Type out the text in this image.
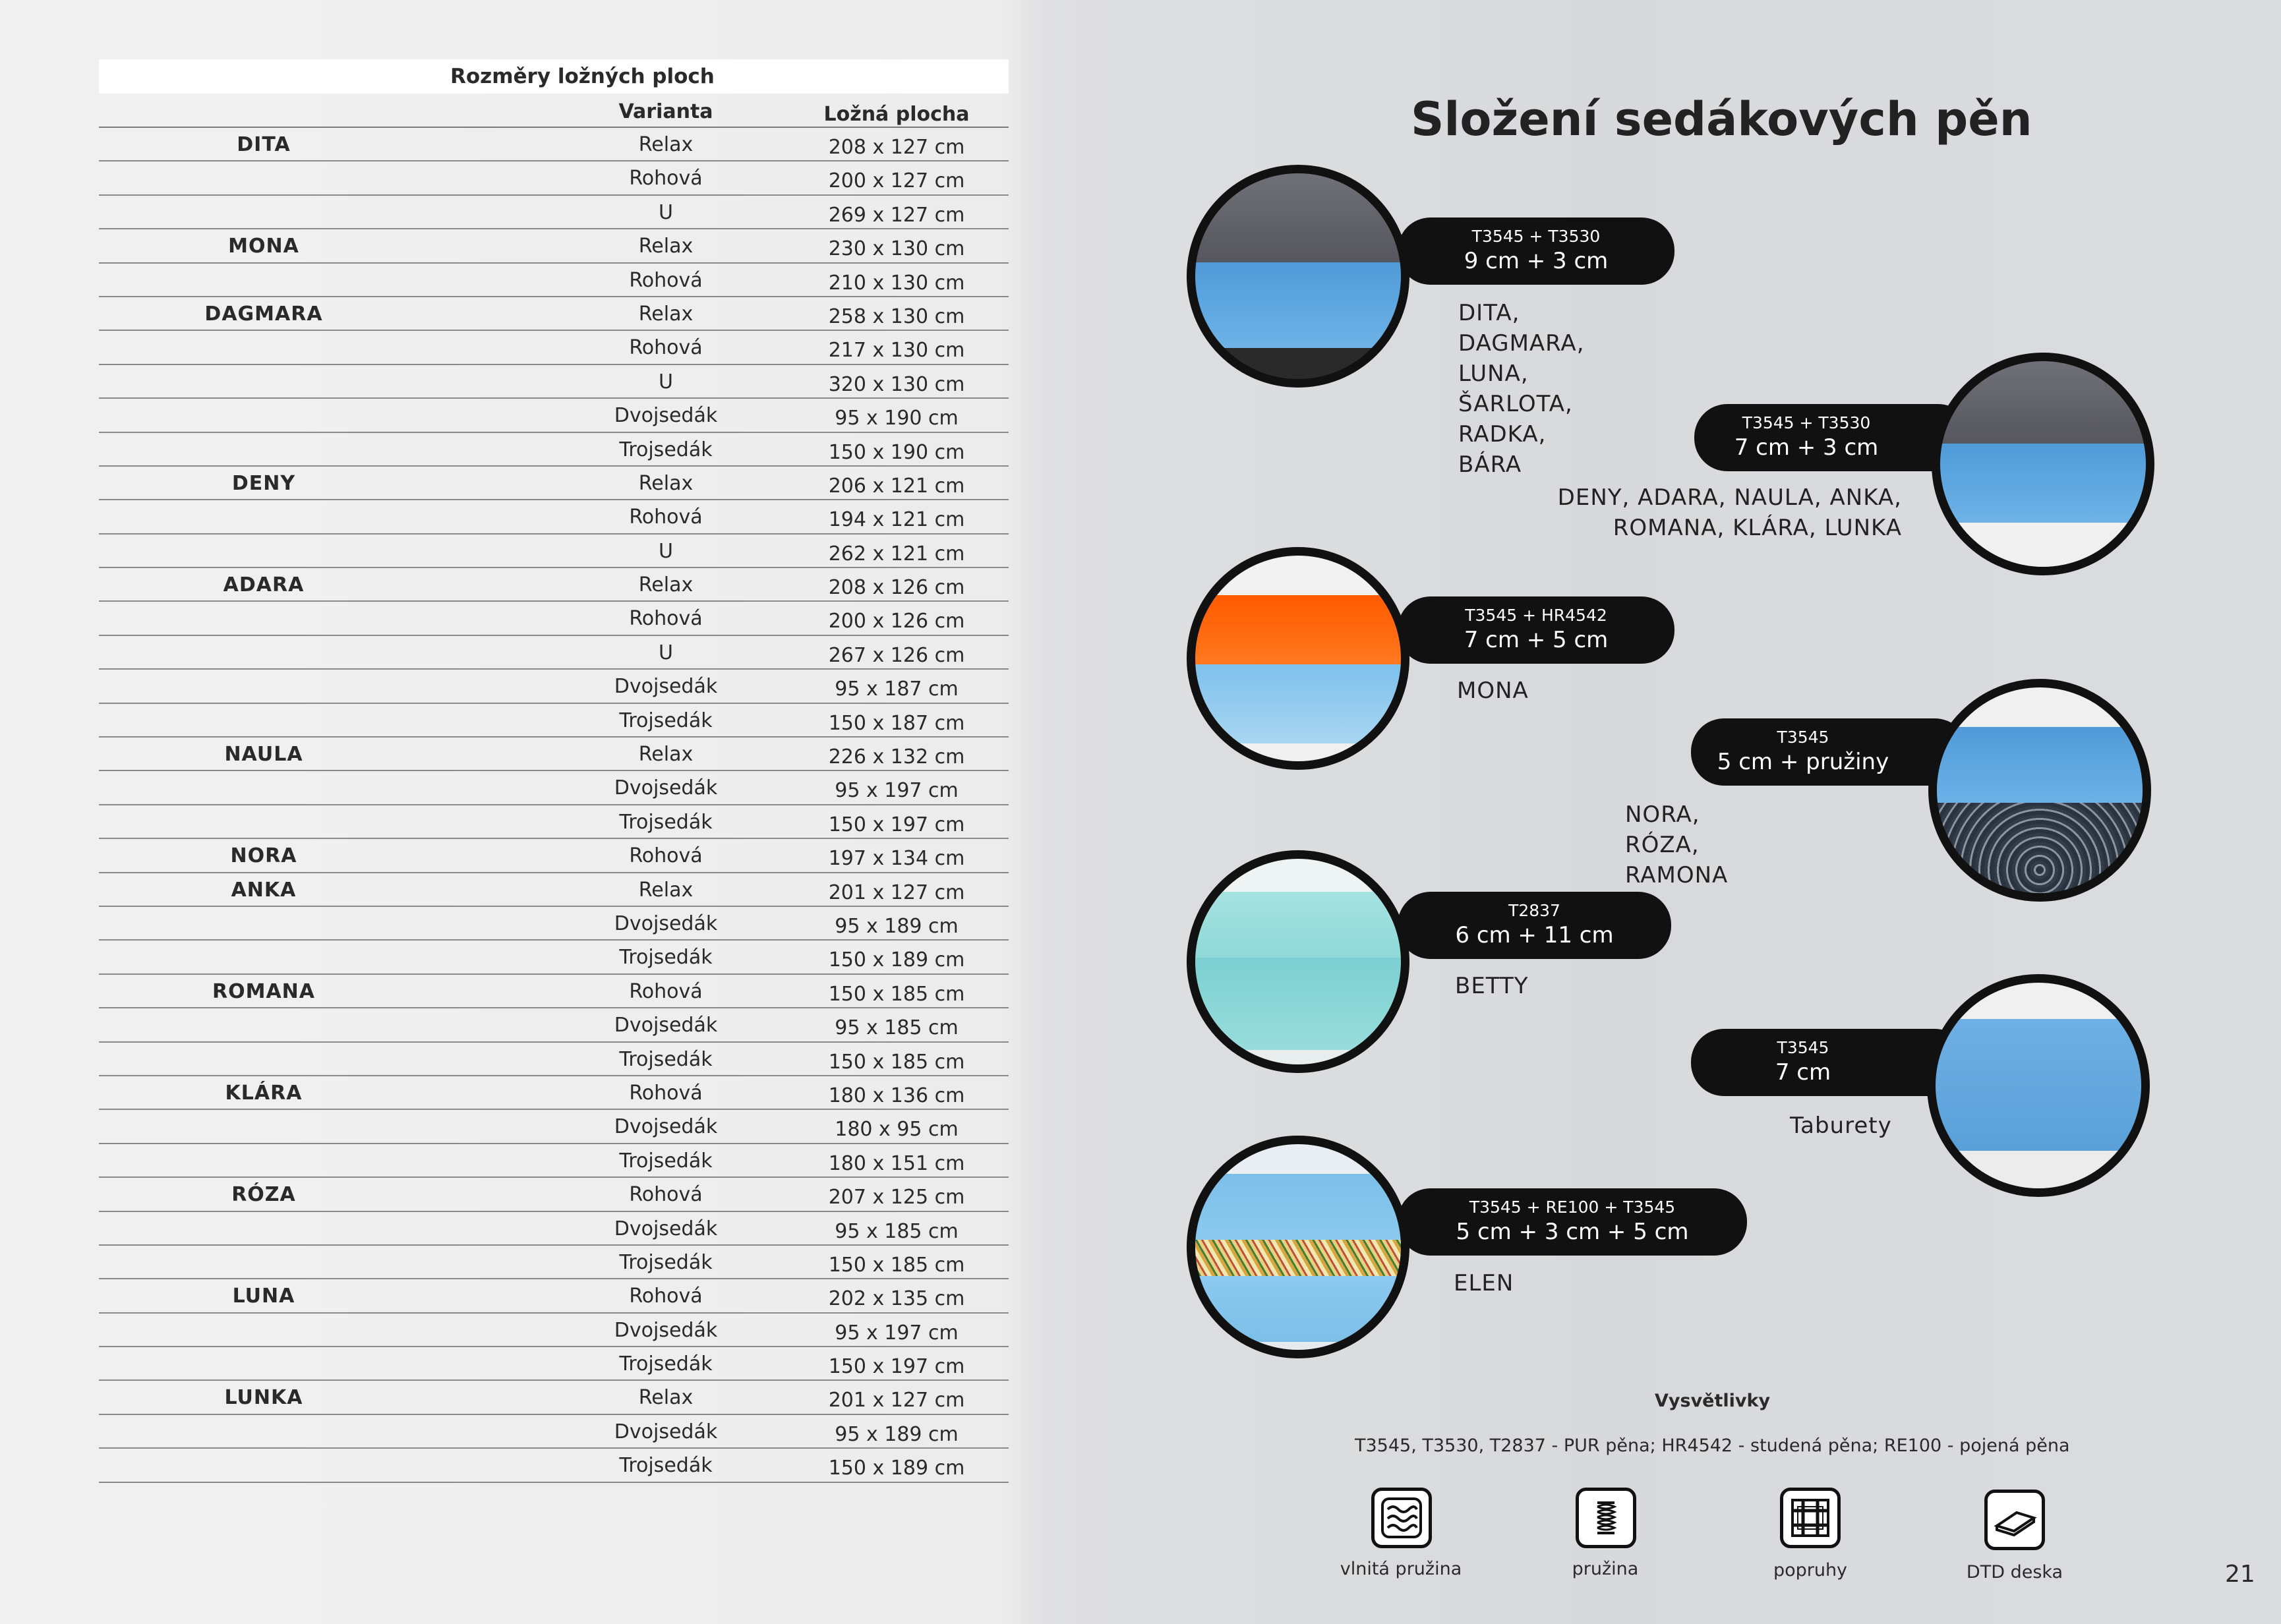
Rozměry ložných ploch
Varianta	Ložná plocha
DITA	Relax	208 x 127 cm
Rohová	200 x 127 cm
U	269 x 127 cm
MONA	Relax	230 x 130 cm
Rohová	210 x 130 cm
DAGMARA	Relax	258 x 130 cm
Rohová	217 x 130 cm
U	320 x 130 cm
Dvojsedák	95 x 190 cm
Trojsedák	150 x 190 cm
DENY	Relax	206 x 121 cm
Rohová	194 x 121 cm
U	262 x 121 cm
ADARA	Relax	208 x 126 cm
Rohová	200 x 126 cm
U	267 x 126 cm
Dvojsedák	95 x 187 cm
Trojsedák	150 x 187 cm
NAULA	Relax	226 x 132 cm
Dvojsedák	95 x 197 cm
Trojsedák	150 x 197 cm
NORA	Rohová	197 x 134 cm
ANKA	Relax	201 x 127 cm
Dvojsedák	95 x 189 cm
Trojsedák	150 x 189 cm
ROMANA	Rohová	150 x 185 cm
Dvojsedák	95 x 185 cm
Trojsedák	150 x 185 cm
KLÁRA	Rohová	180 x 136 cm
Dvojsedák	180 x 95 cm
Trojsedák	180 x 151 cm
RÓZA	Rohová	207 x 125 cm
Dvojsedák	95 x 185 cm
Trojsedák	150 x 185 cm
LUNA	Rohová	202 x 135 cm
Dvojsedák	95 x 197 cm
Trojsedák	150 x 197 cm
LUNKA	Relax	201 x 127 cm
Dvojsedák	95 x 189 cm
Trojsedák	150 x 189 cm
Složení sedákových pěn
T3545 + T3530
9 cm + 3 cm
DITA, DAGMARA, LUNA,
ŠARLOTA, RADKA, BÁRA
T3545 + T3530
7 cm + 3 cm
DENY, ADARA, NAULA, ANKA,
ROMANA, KLÁRA, LUNKA
T3545 + HR4542
7 cm + 5 cm
MONA
T3545
5 cm + pružiny
NORA, RÓZA, RAMONA
T2837
6 cm + 11 cm
BETTY
T3545
7 cm
Taburety
T3545 + RE100 + T3545
5 cm + 3 cm + 5 cm
ELEN
Vysvětlivky
T3545, T3530, T2837 - PUR pěna; HR4542 - studená pěna; RE100 - pojená pěna
vlnitá pružina	pružina	popruhy	DTD deska	21
